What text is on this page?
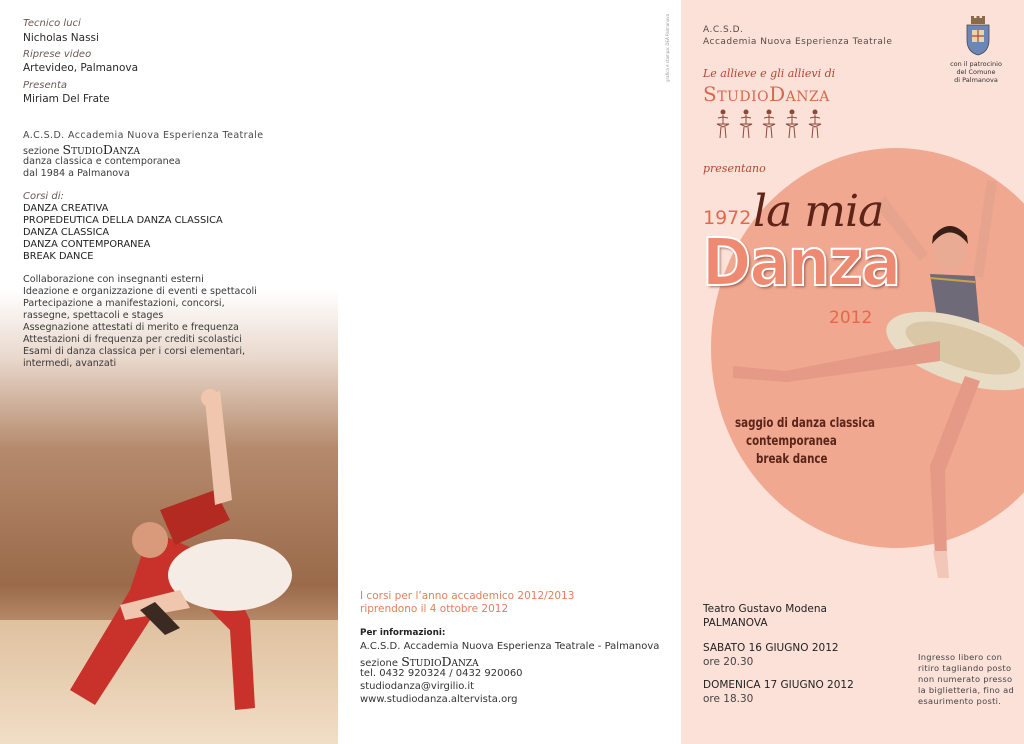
Tecnico luci
Nicholas Nassi
Riprese video
Artevideo, Palmanova
Presenta
Miriam Del Frate
A.C.S.D. Accademia Nuova Esperienza Teatrale
sezione StudioDanza
danza classica e contemporanea
dal 1984 a Palmanova
Corsi di:
DANZA CREATIVA
PROPEDEUTICA DELLA DANZA CLASSICA
DANZA CLASSICA
DANZA CONTEMPORANEA
BREAK DANCE
Collaborazione con insegnanti esterni
Ideazione e organizzazione di eventi e spettacoli
Partecipazione a manifestazioni, concorsi,
rassegne, spettacoli e stages
Assegnazione attestati di merito e frequenza
Attestazioni di frequenza per crediti scolastici
Esami di danza classica per i corsi elementari,
intermedi, avanzati
grafica e stampa: DEA Palmanova
I corsi per l’anno accademico 2012/2013
riprendono il 4 ottobre 2012
Per informazioni:
A.C.S.D. Accademia Nuova Esperienza Teatrale - Palmanova
sezione StudioDanza
tel. 0432 920324 / 0432 920060
studiodanza@virgilio.it
www.studiodanza.altervista.org
A.C.S.D.
Accademia Nuova Esperienza Teatrale
con il patrocinio
del Comune
di Palmanova
Le allieve e gli allievi di
StudioDanza
presentano
1972 la mia
Danza
2012
saggio di danza classica
contemporanea
break dance
Teatro Gustavo Modena
PALMANOVA
SABATO 16 GIUGNO 2012
ore 20.30
DOMENICA 17 GIUGNO 2012
ore 18.30
Ingresso libero con
ritiro tagliando posto
non numerato presso
la biglietteria, fino ad
esaurimento posti.
